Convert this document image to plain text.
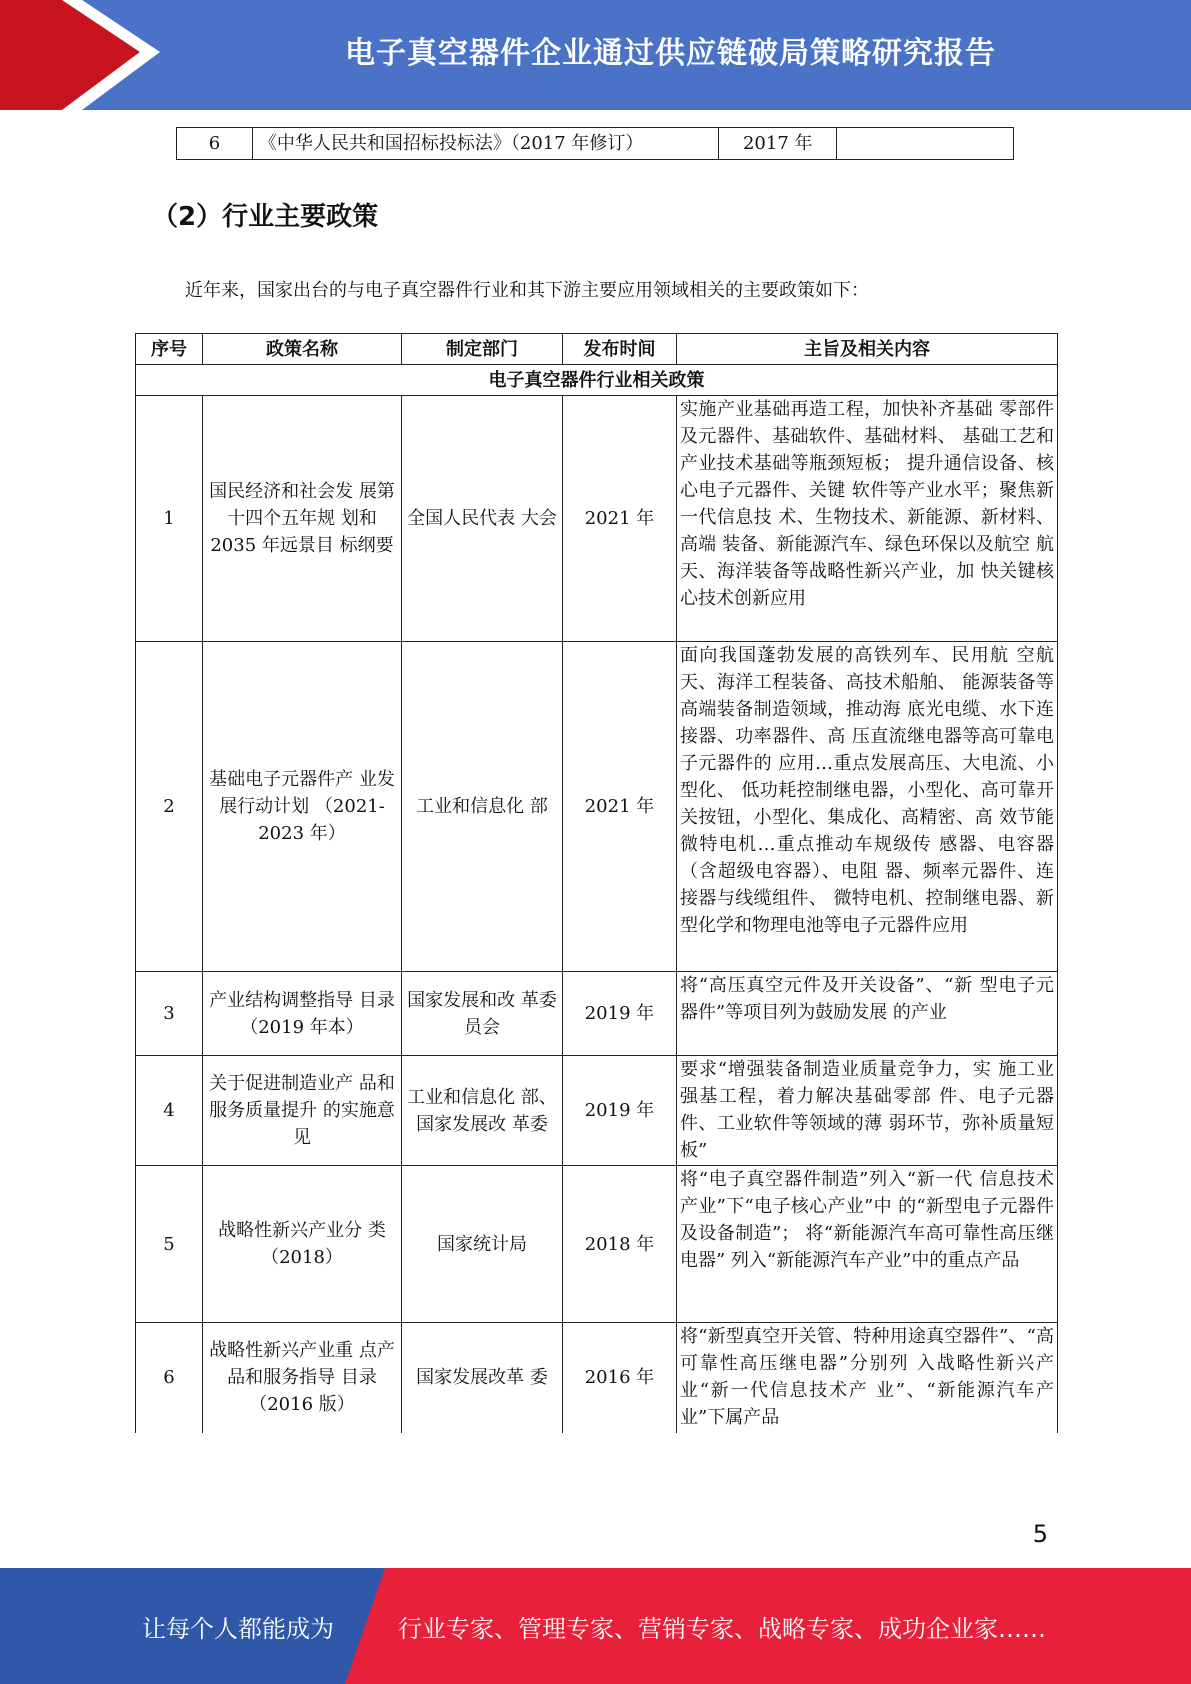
电子真空器件企业通过供应链破局策略研究报告
6	《中华人民共和国招标投标法》（2017 年修订）	2017 年	
（2）行业主要政策
近年来，国家出台的与电子真空器件行业和其下游主要应用领域相关的主要政策如下：
序号	政策名称	制定部门	发布时间	主旨及相关内容
电子真空器件行业相关政策				
1	国民经济和社会发 展第十四个五年规 划和2035 年远景目 标纲要	全国人民代表 大会	2021 年	实施产业基础再造工程，加快补齐基础 零部件及元器件、基础软件、基础材料、 基础工艺和产业技术基础等瓶颈短板； 提升通信设备、核心电子元器件、关键 软件等产业水平；聚焦新一代信息技 术、生物技术、新能源、新材料、高端 装备、新能源汽车、绿色环保以及航空 航天、海洋装备等战略性新兴产业，加 快关键核心技术创新应用
2	基础电子元器件产 业发展行动计划 （2021-2023 年）	工业和信息化 部	2021 年	面向我国蓬勃发展的高铁列车、民用航 空航天、海洋工程装备、高技术船舶、 能源装备等高端装备制造领域，推动海 底光电缆、水下连接器、功率器件、高 压直流继电器等高可靠电子元器件的 应用…重点发展高压、大电流、小型化、 低功耗控制继电器，小型化、高可靠开 关按钮，小型化、集成化、高精密、高 效节能微特电机…重点推动车规级传 感器、电容器（含超级电容器）、电阻 器、频率元器件、连接器与线缆组件、 微特电机、控制继电器、新型化学和物理电池等电子元器件应用
3	产业结构调整指导 目录 （2019 年本）	国家发展和改 革委员会	2019 年	将“高压真空元件及开关设备”、“新 型电子元器件”等项目列为鼓励发展 的产业
4	关于促进制造业产 品和服务质量提升 的实施意见	工业和信息化 部、国家发展改 革委	2019 年	要求“增强装备制造业质量竞争力，实 施工业强基工程，着力解决基础零部 件、电子元器件、工业软件等领域的薄 弱环节，弥补质量短板”
5	战略性新兴产业分 类（2018）	国家统计局	2018 年	将“电子真空器件制造”列入“新一代 信息技术产业”下“电子核心产业”中 的“新型电子元器件及设备制造”； 将“新能源汽车高可靠性高压继电器” 列入“新能源汽车产业”中的重点产品
6	战略性新兴产业重 点产品和服务指导 目录（2016 版）	国家发展改革 委	2016 年	将“新型真空开关管、特种用途真空器件”、“高可靠性高压继电器”分别列 入战略性新兴产业“新一代信息技术产 业”、“新能源汽车产业”下属产品
5
让每个人都能成为	行业专家、管理专家、营销专家、战略专家、成功企业家……
